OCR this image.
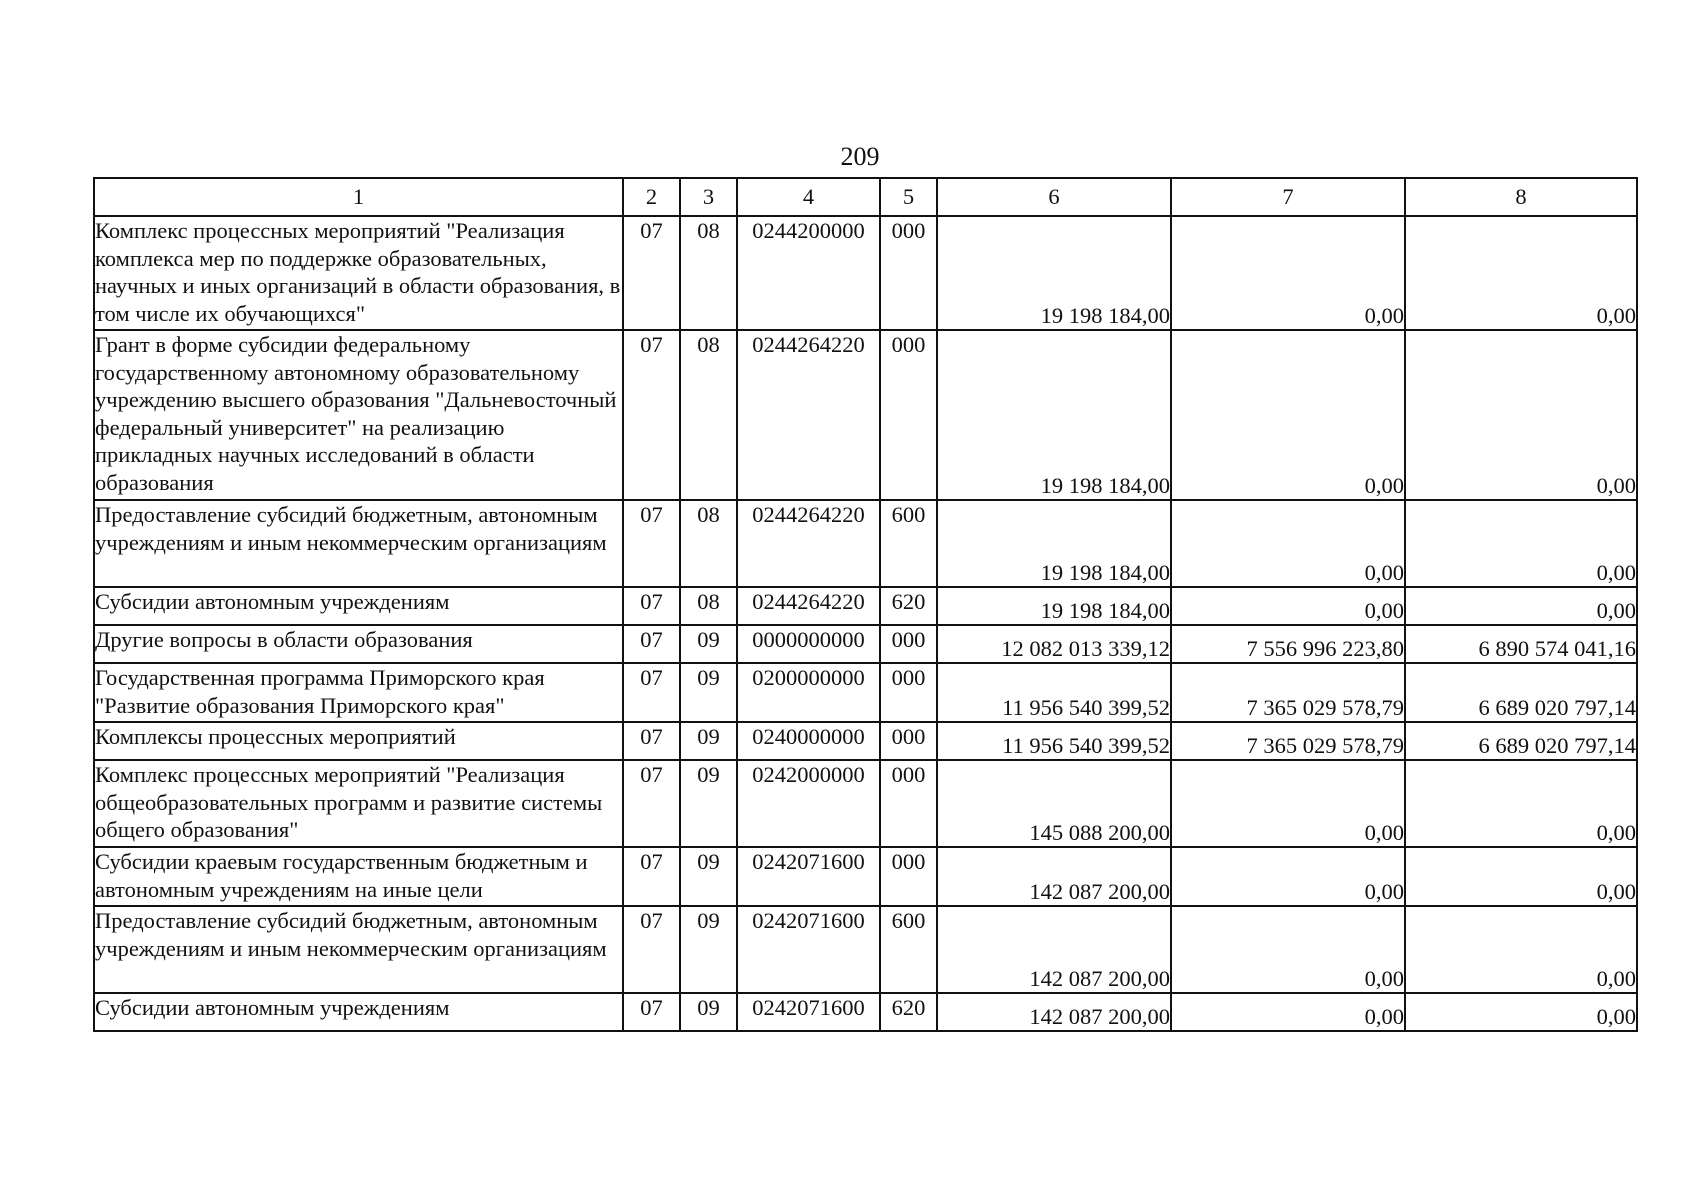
209
1	2	3	4	5	6	7	8
Комплекс процессных мероприятий "Реализация комплекса мер по поддержке образовательных, научных и иных организаций в области образования, в том числе их обучающихся"	07	08	0244200000	000	19 198 184,00	0,00	0,00
Грант в форме субсидии федеральному государственному автономному образовательному учреждению высшего образования "Дальневосточный федеральный университет" на реализацию прикладных научных исследований в области образования	07	08	0244264220	000	19 198 184,00	0,00	0,00
Предоставление субсидий бюджетным, автономным учреждениям и иным некоммерческим организациям	07	08	0244264220	600	19 198 184,00	0,00	0,00
Субсидии автономным учреждениям	07	08	0244264220	620	19 198 184,00	0,00	0,00
Другие вопросы в области образования	07	09	0000000000	000	12 082 013 339,12	7 556 996 223,80	6 890 574 041,16
Государственная программа Приморского края "Развитие образования Приморского края"	07	09	0200000000	000	11 956 540 399,52	7 365 029 578,79	6 689 020 797,14
Комплексы процессных мероприятий	07	09	0240000000	000	11 956 540 399,52	7 365 029 578,79	6 689 020 797,14
Комплекс процессных мероприятий "Реализация общеобразовательных программ и развитие системы общего образования"	07	09	0242000000	000	145 088 200,00	0,00	0,00
Субсидии краевым государственным бюджетным и автономным учреждениям на иные цели	07	09	0242071600	000	142 087 200,00	0,00	0,00
Предоставление субсидий бюджетным, автономным учреждениям и иным некоммерческим организациям	07	09	0242071600	600	142 087 200,00	0,00	0,00
Субсидии автономным учреждениям	07	09	0242071600	620	142 087 200,00	0,00	0,00
